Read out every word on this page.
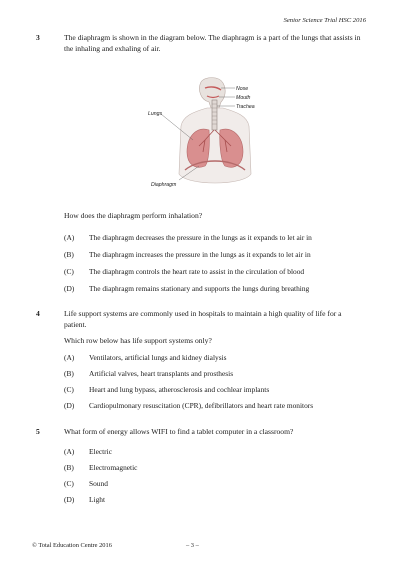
Senior Science Trial HSC 2016
3	The diaphragm is shown in the diagram below. The diaphragm is a part of the lungs that assists in the inhaling and exhaling of air.
Nose
Mouth
Trachea
Lungs
Diaphragm
How does the diaphragm perform inhalation?
(A) The diaphragm decreases the pressure in the lungs as it expands to let air in
(B) The diaphragm increases the pressure in the lungs as it expands to let air in
(C) The diaphragm controls the heart rate to assist in the circulation of blood
(D) The diaphragm remains stationary and supports the lungs during breathing
4	Life support systems are commonly used in hospitals to maintain a high quality of life for a patient.
Which row below has life support systems only?
(A) Ventilators, artificial lungs and kidney dialysis
(B) Artificial valves, heart transplants and prosthesis
(C) Heart and lung bypass, atherosclerosis and cochlear implants
(D) Cardiopulmonary resuscitation (CPR), defibrillators and heart rate monitors
5	What form of energy allows WIFI to find a tablet computer in a classroom?
(A) Electric
(B) Electromagnetic
(C) Sound
(D) Light
© Total Education Centre 2016	– 3 –
